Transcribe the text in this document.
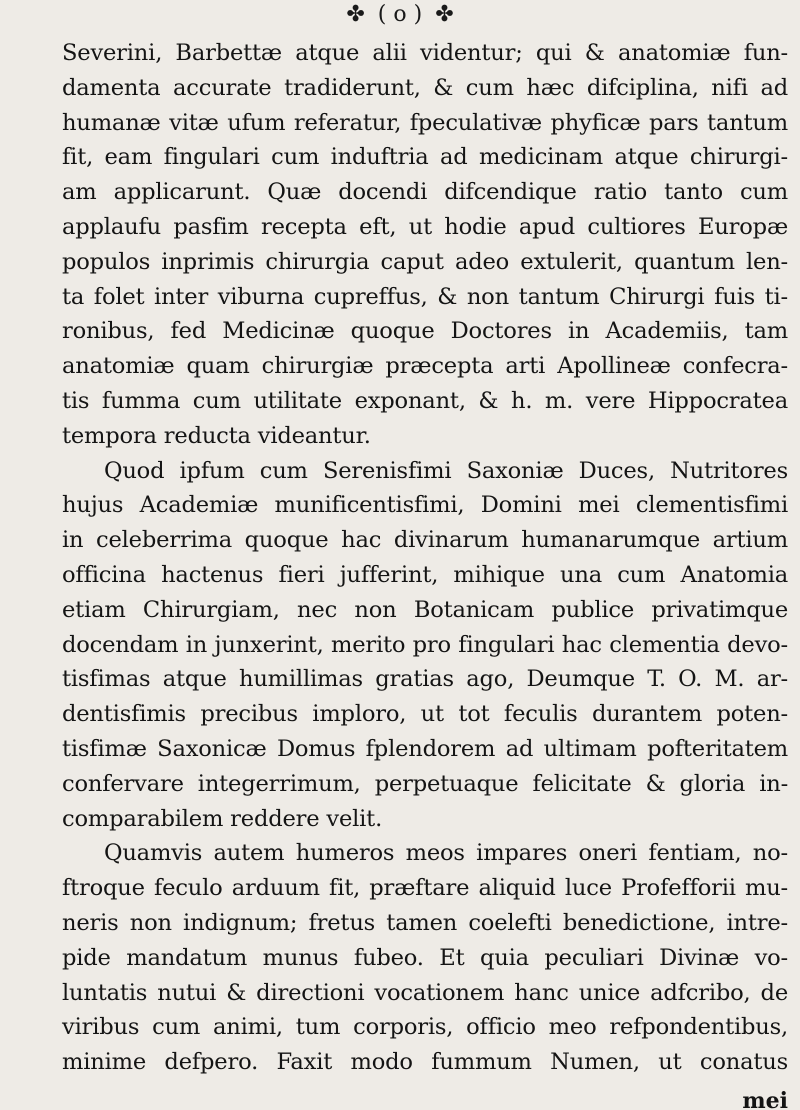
✤ ( o ) ✤
Severini, Barbettæ atque alii videntur; qui & anatomiæ fun-
damenta accurate tradiderunt, & cum hæc difciplina, nifi ad
humanæ vitæ ufum referatur, fpeculativæ phyficæ pars tantum
fit, eam fingulari cum induftria ad medicinam atque chirurgi-
am applicarunt. Quæ docendi difcendique ratio tanto cum
applaufu pasfim recepta eft, ut hodie apud cultiores Europæ
populos inprimis chirurgia caput adeo extulerit, quantum len-
ta folet inter viburna cupreffus, & non tantum Chirurgi fuis ti-
ronibus, fed Medicinæ quoque Doctores in Academiis, tam
anatomiæ quam chirurgiæ præcepta arti Apollineæ confecra-
tis fumma cum utilitate exponant, & h. m. vere Hippocratea
tempora reducta videantur.
Quod ipfum cum Serenisfimi Saxoniæ Duces, Nutritores
hujus Academiæ munificentisfimi, Domini mei clementisfimi
in celeberrima quoque hac divinarum humanarumque artium
officina hactenus fieri jufferint, mihique una cum Anatomia
etiam Chirurgiam, nec non Botanicam publice privatimque
docendam in junxerint, merito pro fingulari hac clementia devo-
tisfimas atque humillimas gratias ago, Deumque T. O. M. ar-
dentisfimis precibus imploro, ut tot feculis durantem poten-
tisfimæ Saxonicæ Domus fplendorem ad ultimam pofteritatem
confervare integerrimum, perpetuaque felicitate & gloria in-
comparabilem reddere velit.
Quamvis autem humeros meos impares oneri fentiam, no-
ftroque feculo arduum fit, præftare aliquid luce Profefforii mu-
neris non indignum; fretus tamen coelefti benedictione, intre-
pide mandatum munus fubeo. Et quia peculiari Divinæ vo-
luntatis nutui & directioni vocationem hanc unice adfcribo, de
viribus cum animi, tum corporis, officio meo refpondentibus,
minime defpero. Faxit modo fummum Numen, ut conatus
mei
